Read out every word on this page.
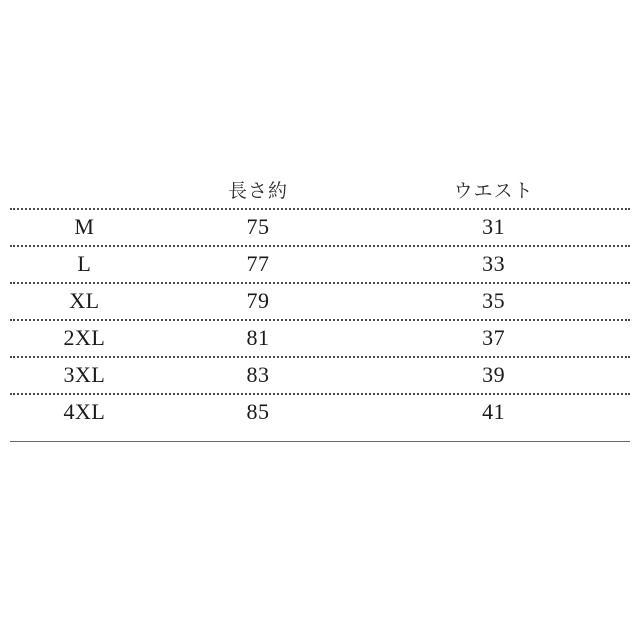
	長さ約	ウエスト
M	75	31
L	77	33
XL	79	35
2XL	81	37
3XL	83	39
4XL	85	41
